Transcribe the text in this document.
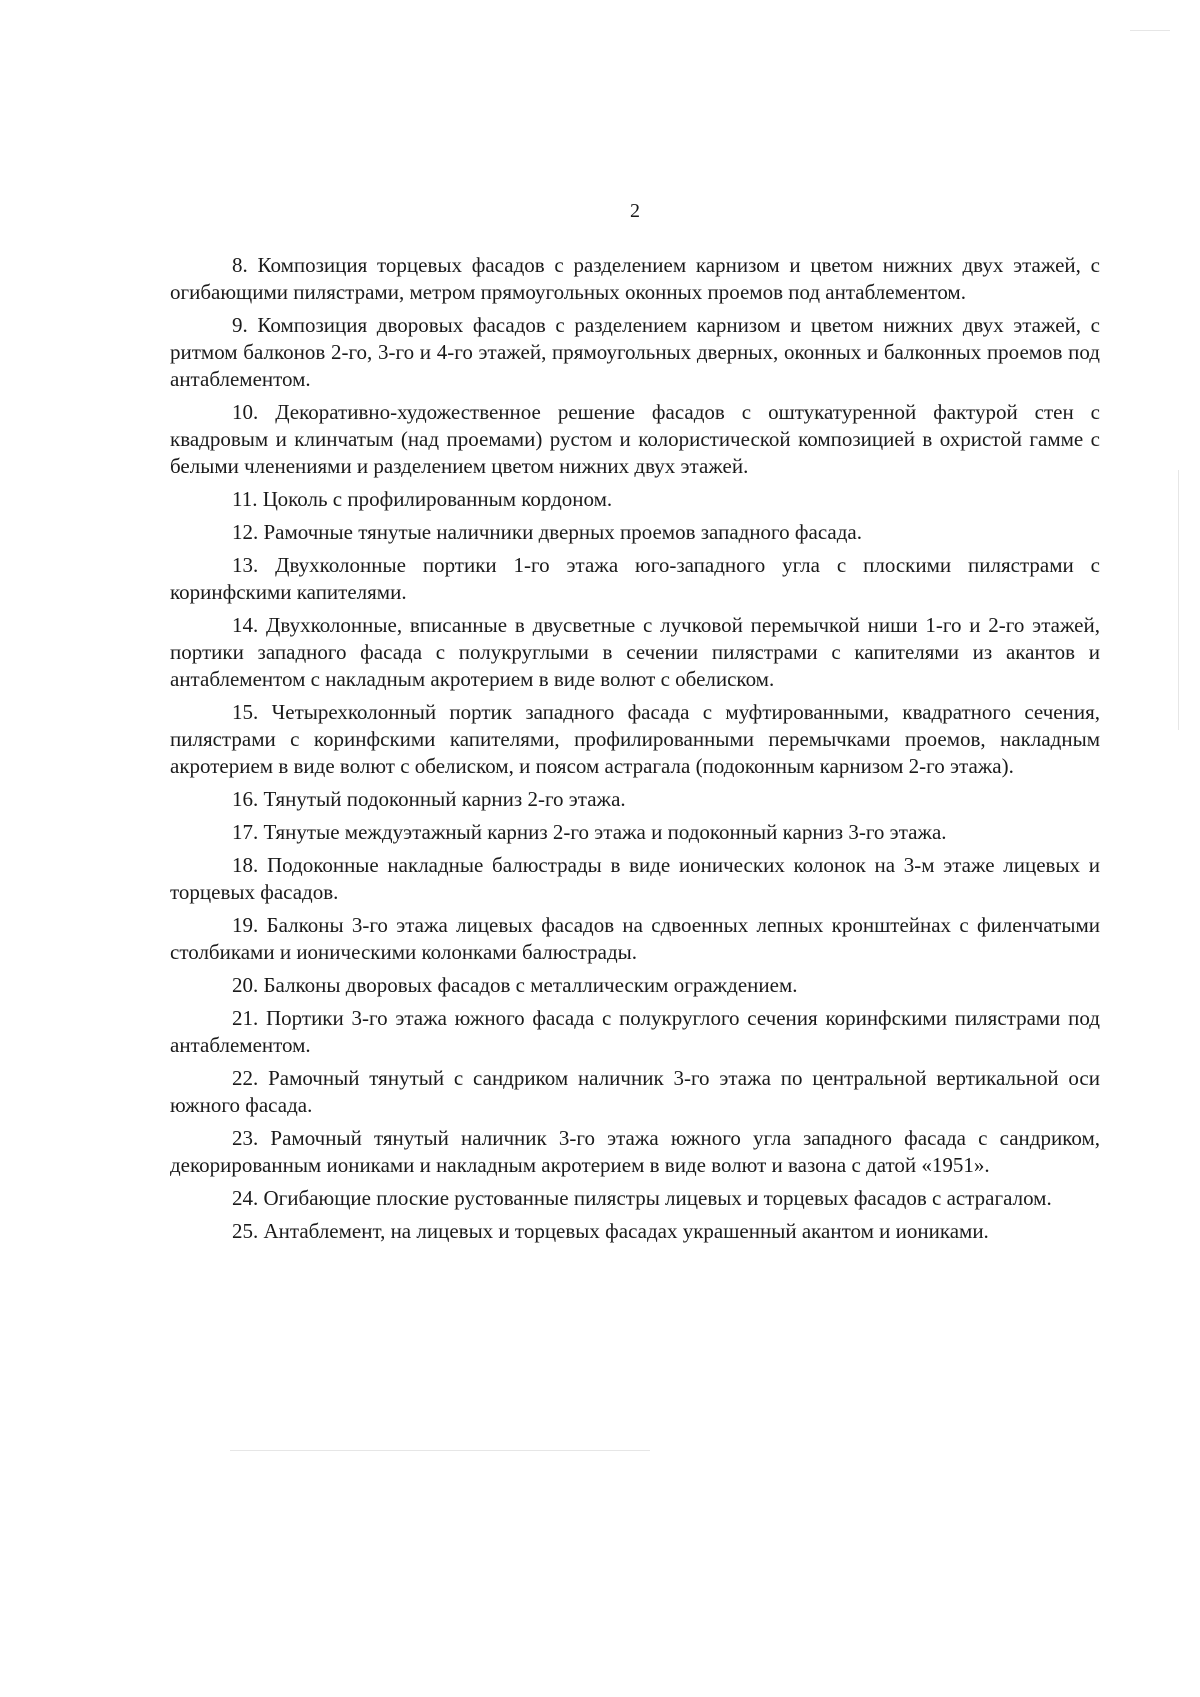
2

8. Композиция торцевых фасадов с разделением карнизом и цветом нижних двух этажей, с огибающими пилястрами, метром прямоугольных оконных проемов под антаблементом.

9. Композиция дворовых фасадов с разделением карнизом и цветом нижних двух этажей, с ритмом балконов 2-го, 3-го и 4-го этажей, прямоугольных дверных, оконных и балконных проемов под антаблементом.

10. Декоративно-художественное решение фасадов с оштукатуренной фактурой стен с квадровым и клинчатым (над проемами) рустом и колористической композицией в охристой гамме с белыми членениями и разделением цветом нижних двух этажей.

11. Цоколь с профилированным кордоном.

12. Рамочные тянутые наличники дверных проемов западного фасада.

13. Двухколонные портики 1-го этажа юго-западного угла с плоскими пилястрами с коринфскими капителями.

14. Двухколонные, вписанные в двусветные с лучковой перемычкой ниши 1-го и 2-го этажей, портики западного фасада с полукруглыми в сечении пилястрами с капителями из акантов и антаблементом с накладным акротерием в виде волют с обелиском.

15. Четырехколонный портик западного фасада с муфтированными, квадратного сечения, пилястрами с коринфскими капителями, профилированными перемычками проемов, накладным акротерием в виде волют с обелиском, и поясом астрагала (подоконным карнизом 2-го этажа).

16. Тянутый подоконный карниз 2-го этажа.

17. Тянутые междуэтажный карниз 2-го этажа и подоконный карниз 3-го этажа.

18. Подоконные накладные балюстрады в виде ионических колонок на 3-м этаже лицевых и торцевых фасадов.

19. Балконы 3-го этажа лицевых фасадов на сдвоенных лепных кронштейнах с филенчатыми столбиками и ионическими колонками балюстрады.

20. Балконы дворовых фасадов с металлическим ограждением.

21. Портики 3-го этажа южного фасада с полукруглого сечения коринфскими пилястрами под антаблементом.

22. Рамочный тянутый с сандриком наличник 3-го этажа по центральной вертикальной оси южного фасада.

23. Рамочный тянутый наличник 3-го этажа южного угла западного фасада с сандриком, декорированным иониками и накладным акротерием в виде волют и вазона с датой «1951».

24. Огибающие плоские рустованные пилястры лицевых и торцевых фасадов с астрагалом.

25. Антаблемент, на лицевых и торцевых фасадах украшенный акантом и иониками.
